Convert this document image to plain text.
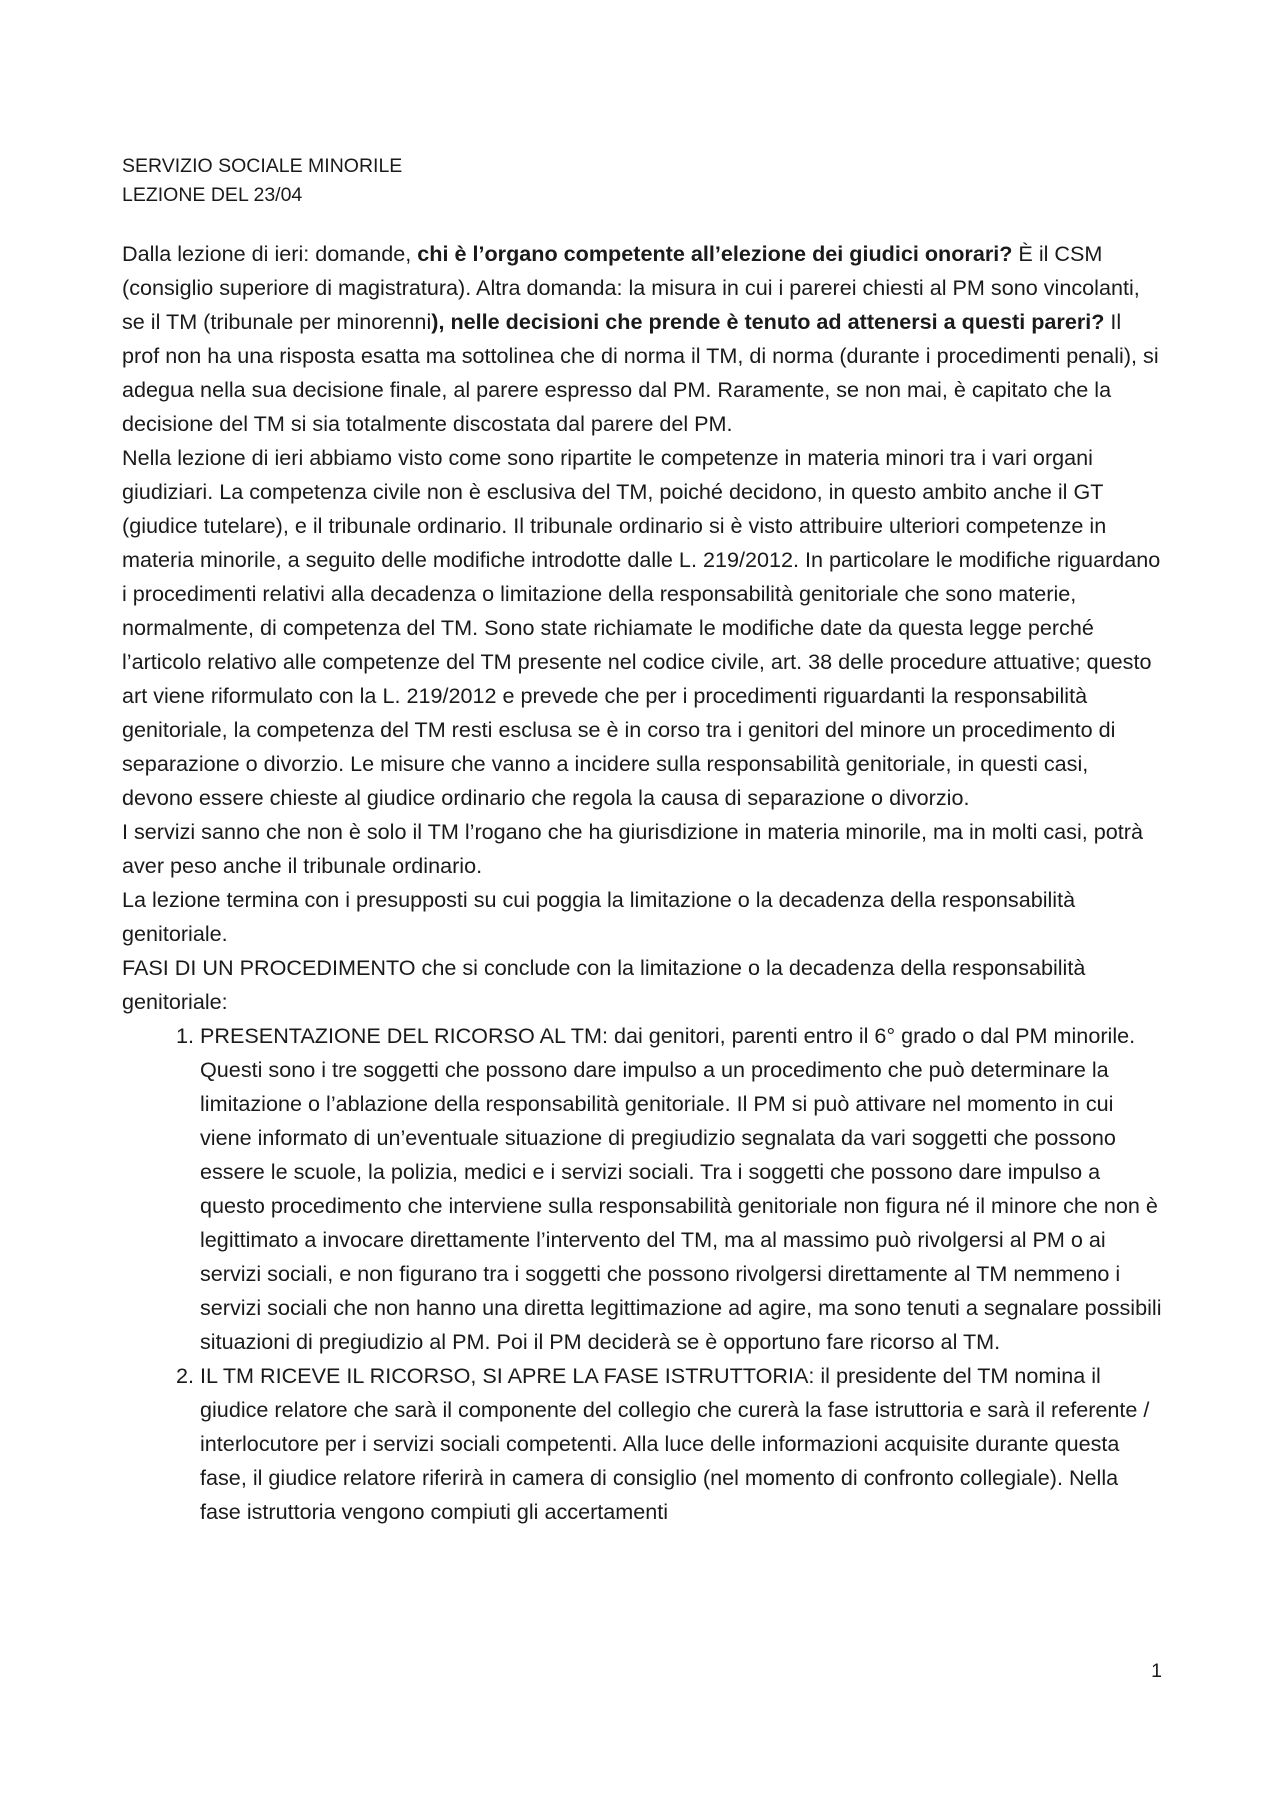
SERVIZIO SOCIALE MINORILE

LEZIONE DEL 23/04

Dalla lezione di ieri: domande, chi è l’organo competente all’elezione dei giudici onorari? È il CSM (consiglio superiore di magistratura). Altra domanda: la misura in cui i parerei chiesti al PM sono vincolanti, se il TM (tribunale per minorenni), nelle decisioni che prende è tenuto ad attenersi a questi pareri? Il prof non ha una risposta esatta ma sottolinea che di norma il TM, di norma (durante i procedimenti penali), si adegua nella sua decisione finale, al parere espresso dal PM. Raramente, se non mai, è capitato che la decisione del TM si sia totalmente discostata dal parere del PM.

Nella lezione di ieri abbiamo visto come sono ripartite le competenze in materia minori tra i vari organi giudiziari. La competenza civile non è esclusiva del TM, poiché decidono, in questo ambito anche il GT (giudice tutelare), e il tribunale ordinario. Il tribunale ordinario si è visto attribuire ulteriori competenze in materia minorile, a seguito delle modifiche introdotte dalle L. 219/2012. In particolare le modifiche riguardano i procedimenti relativi alla decadenza o limitazione della responsabilità genitoriale che sono materie, normalmente, di competenza del TM. Sono state richiamate le modifiche date da questa legge perché l’articolo relativo alle competenze del TM presente nel codice civile, art. 38 delle procedure attuative; questo art viene riformulato con la L. 219/2012 e prevede che per i procedimenti riguardanti la responsabilità genitoriale, la competenza del TM resti esclusa se è in corso tra i genitori del minore un procedimento di separazione o divorzio. Le misure che vanno a incidere sulla responsabilità genitoriale, in questi casi, devono essere chieste al giudice ordinario che regola la causa di separazione o divorzio.

I servizi sanno che non è solo il TM l’rogano che ha giurisdizione in materia minorile, ma in molti casi, potrà aver peso anche il tribunale ordinario.

La lezione termina con i presupposti su cui poggia la limitazione o la decadenza della responsabilità genitoriale.

FASI DI UN PROCEDIMENTO che si conclude con la limitazione o la decadenza della responsabilità genitoriale:

1. PRESENTAZIONE DEL RICORSO AL TM: dai genitori, parenti entro il 6° grado o dal PM minorile. Questi sono i tre soggetti che possono dare impulso a un procedimento che può determinare la limitazione o l’ablazione della responsabilità genitoriale. Il PM si può attivare nel momento in cui viene informato di un’eventuale situazione di pregiudizio segnalata da vari soggetti che possono essere le scuole, la polizia, medici e i servizi sociali. Tra i soggetti che possono dare impulso a questo procedimento che interviene sulla responsabilità genitoriale non figura né il minore che non è legittimato a invocare direttamente l’intervento del TM, ma al massimo può rivolgersi al PM o ai servizi sociali, e non figurano tra i soggetti che possono rivolgersi direttamente al TM nemmeno i servizi sociali che non hanno una diretta legittimazione ad agire, ma sono tenuti a segnalare possibili situazioni di pregiudizio al PM. Poi il PM deciderà se è opportuno fare ricorso al TM.
2. IL TM RICEVE IL RICORSO, SI APRE LA FASE ISTRUTTORIA: il presidente del TM nomina il giudice relatore che sarà il componente del collegio che curerà la fase istruttoria e sarà il referente / interlocutore per i servizi sociali competenti. Alla luce delle informazioni acquisite durante questa fase, il giudice relatore riferirà in camera di consiglio (nel momento di confronto collegiale). Nella fase istruttoria vengono compiuti gli accertamenti
1
